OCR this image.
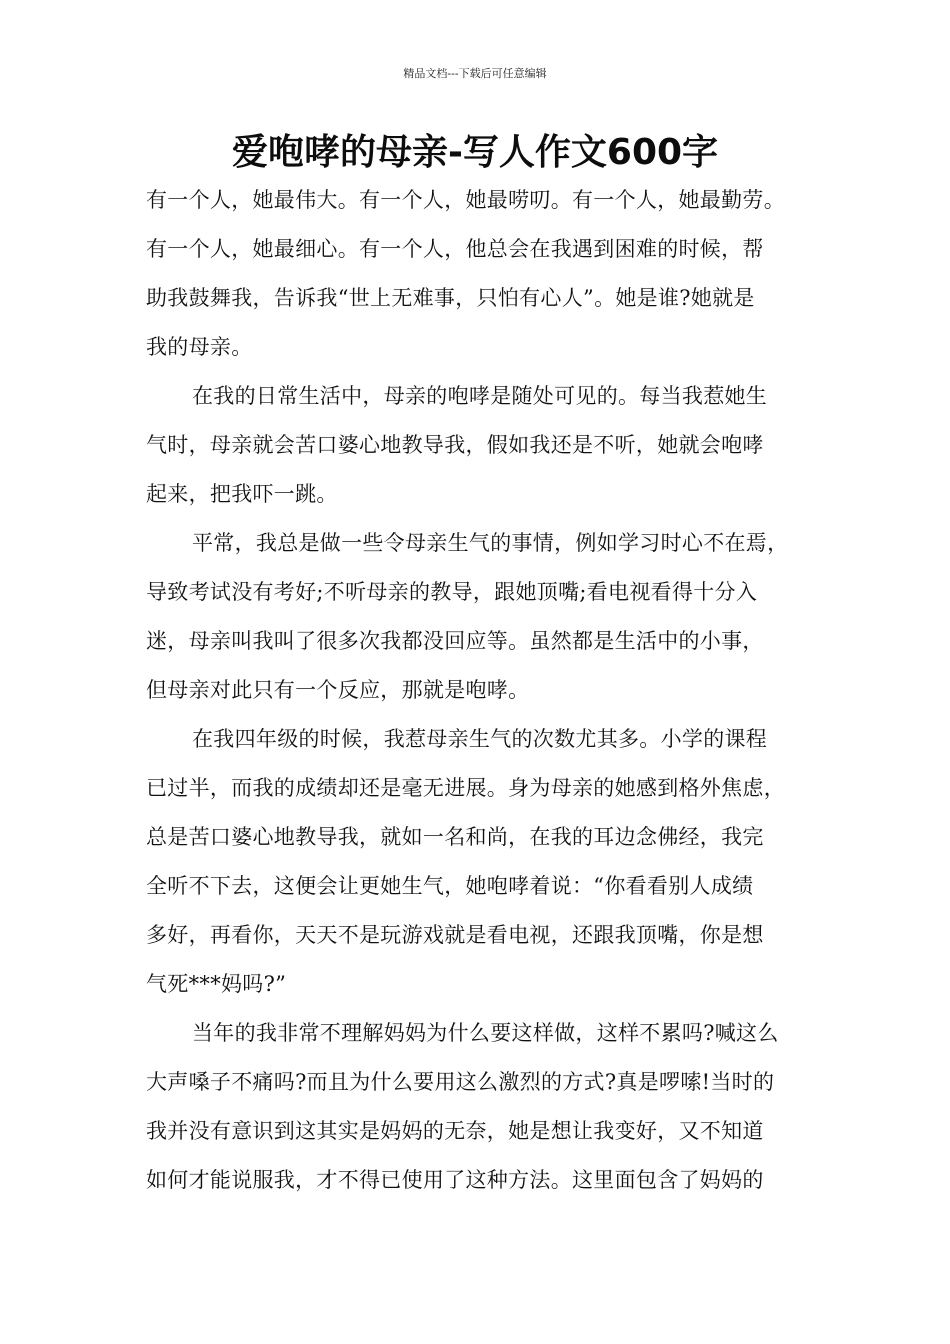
精品文档---下载后可任意编辑
爱咆哮的母亲-写人作文600字
有一个人，她最伟大。有一个人，她最唠叨。有一个人，她最勤劳。
有一个人，她最细心。有一个人，他总会在我遇到困难的时候，帮
助我鼓舞我，告诉我“世上无难事，只怕有心人”。她是谁?她就是
我的母亲。
在我的日常生活中，母亲的咆哮是随处可见的。每当我惹她生
气时，母亲就会苦口婆心地教导我，假如我还是不听，她就会咆哮
起来，把我吓一跳。
平常，我总是做一些令母亲生气的事情，例如学习时心不在焉，
导致考试没有考好;不听母亲的教导，跟她顶嘴;看电视看得十分入
迷，母亲叫我叫了很多次我都没回应等。虽然都是生活中的小事，
但母亲对此只有一个反应，那就是咆哮。
在我四年级的时候，我惹母亲生气的次数尤其多。小学的课程
已过半，而我的成绩却还是毫无进展。身为母亲的她感到格外焦虑，
总是苦口婆心地教导我，就如一名和尚，在我的耳边念佛经，我完
全听不下去，这便会让更她生气，她咆哮着说：“你看看别人成绩
多好，再看你，天天不是玩游戏就是看电视，还跟我顶嘴，你是想
气死***妈吗?”
当年的我非常不理解妈妈为什么要这样做，这样不累吗?喊这么
大声嗓子不痛吗?而且为什么要用这么激烈的方式?真是啰嗦!当时的
我并没有意识到这其实是妈妈的无奈，她是想让我变好，又不知道
如何才能说服我，才不得已使用了这种方法。这里面包含了妈妈的
